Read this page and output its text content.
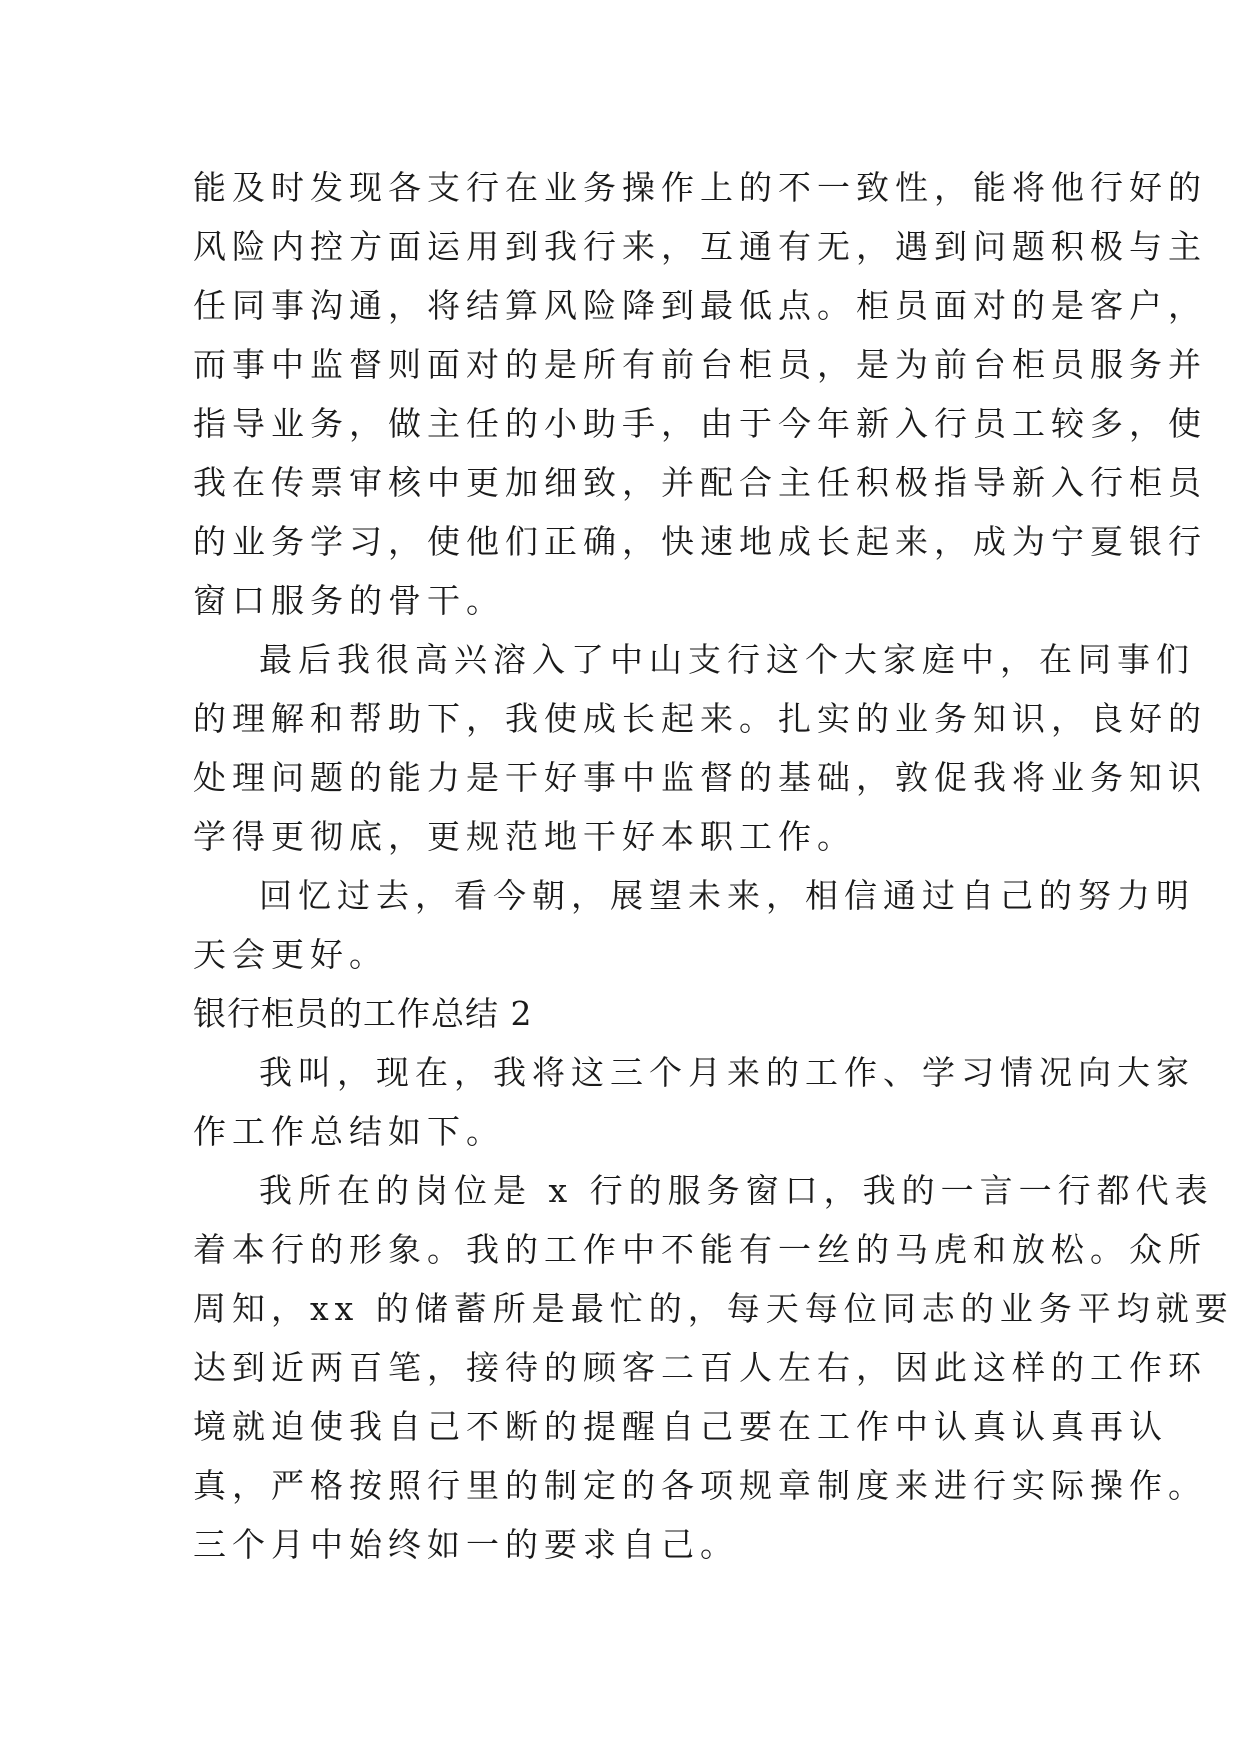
能及时发现各支行在业务操作上的不一致性，能将他行好的
风险内控方面运用到我行来，互通有无，遇到问题积极与主
任同事沟通，将结算风险降到最低点。柜员面对的是客户，
而事中监督则面对的是所有前台柜员，是为前台柜员服务并
指导业务，做主任的小助手，由于今年新入行员工较多，使
我在传票审核中更加细致，并配合主任积极指导新入行柜员
的业务学习，使他们正确，快速地成长起来，成为宁夏银行
窗口服务的骨干。
最后我很高兴溶入了中山支行这个大家庭中，在同事们
的理解和帮助下，我使成长起来。扎实的业务知识，良好的
处理问题的能力是干好事中监督的基础，敦促我将业务知识
学得更彻底，更规范地干好本职工作。
回忆过去，看今朝，展望未来，相信通过自己的努力明
天会更好。
银行柜员的工作总结 2
我叫，现在，我将这三个月来的工作、学习情况向大家
作工作总结如下。
我所在的岗位是 x 行的服务窗口，我的一言一行都代表
着本行的形象。我的工作中不能有一丝的马虎和放松。众所
周知，xx 的储蓄所是最忙的，每天每位同志的业务平均就要
达到近两百笔，接待的顾客二百人左右，因此这样的工作环
境就迫使我自己不断的提醒自己要在工作中认真认真再认
真，严格按照行里的制定的各项规章制度来进行实际操作。
三个月中始终如一的要求自己。
